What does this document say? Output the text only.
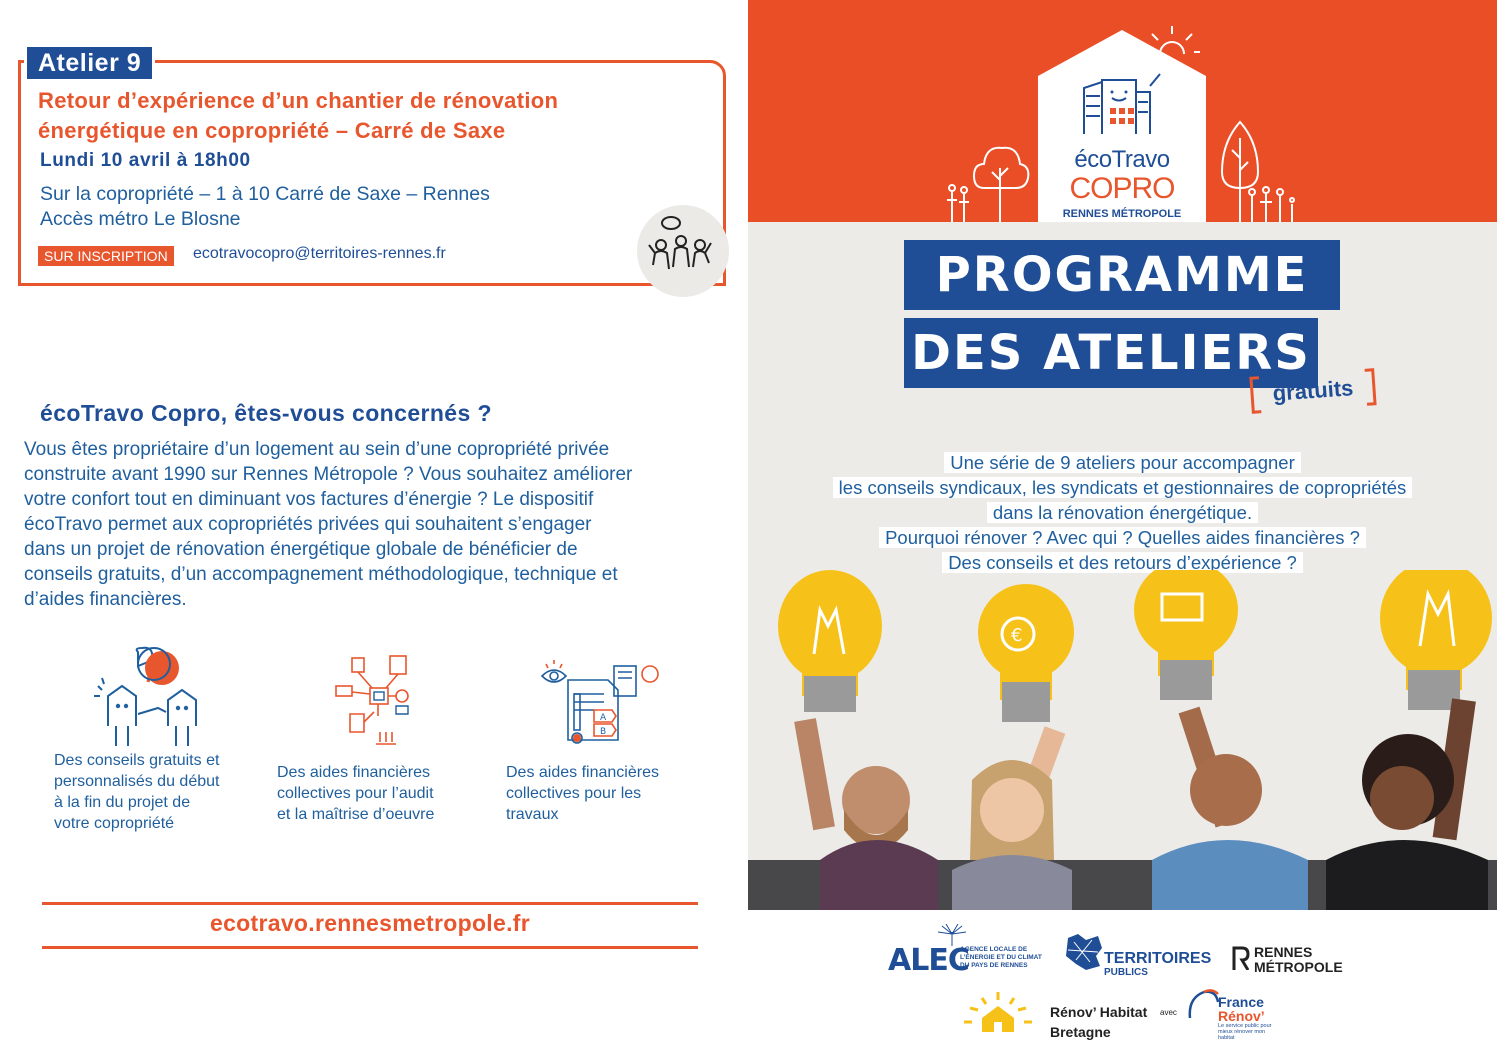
Atelier 9
Retour d’expérience d’un chantier de rénovation
énergétique en copropriété – Carré de Saxe
Lundi 10 avril à 18h00
Sur la copropriété – 1 à 10 Carré de Saxe – Rennes
Accès métro Le Blosne
SUR INSCRIPTION	ecotravocopro@territoires-rennes.fr
écoTravo Copro, êtes-vous concernés ?
Vous êtes propriétaire d’un logement au sein d’une copropriété privée
construite avant 1990 sur Rennes Métropole ? Vous souhaitez améliorer
votre confort tout en diminuant vos factures d’énergie ? Le dispositif
écoTravo permet aux copropriétés privées qui souhaitent s’engager
dans un projet de rénovation énergétique globale de bénéficier de
conseils gratuits, d’un accompagnement méthodologique, technique et
d’aides financières.
Des conseils gratuits et
personnalisés du début
à la fin du projet de
votre copropriété
Des aides financières
collectives pour l’audit
et la maîtrise d’oeuvre
A
B
Des aides financières
collectives pour les
travaux
ecotravo.rennesmetropole.fr
écoTravo
COPRO
RENNES MÉTROPOLE
PROGRAMME
DES ATELIERS
gratuits
Une série de 9 ateliers pour accompagner
les conseils syndicaux, les syndicats et gestionnaires de copropriétés
dans la rénovation énergétique.
Pourquoi rénover ? Avec qui ? Quelles aides financières ?
Des conseils et des retours d’expérience ?
€
ALEC
AGENCE LOCALE DE L’ÉNERGIE ET DU CLIMAT DU PAYS DE RENNES	TERRITOIRES
PUBLICS
RENNES
MÉTROPOLE
Rénov’ Habitat
Bretagne
avec
France
Rénov’
Le service public pour mieux rénover mon habitat
